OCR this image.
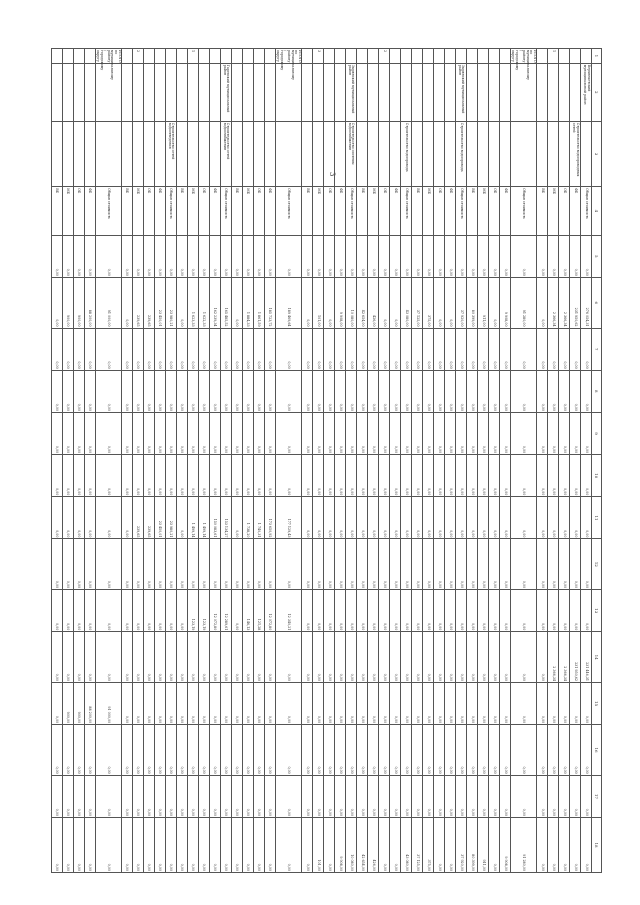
3
1	2	3	4	5	6	7	8	9	10	11	12	13	14	15	16	17	18
	Верхнекетский муниципальный район		Общая стоимость	0,00	276 054,31	0,00	0,00	0,00	0,00	0,00	0,00	0,00	231 446,31	0,00	0,00	0,00	0,00
		Строительство водопроводных сетей	ФБ	0,00	231 950,62	0,00	0,00	0,00	0,00	0,00	0,00	0,00	231 950,62	0,00	0,00	0,00	0,00
			ОБ	0,00	2 366,34	0,00	0,00	0,00	0,00	0,00	0,00	0,00	2 366,34	0,00	0,00	0,00	0,00
1			МБ	0,00	2 366,34	0,00	0,00	0,00	0,00	0,00	0,00	0,00	2 366,34	0,00	0,00	0,00	0,00
			ВБ	0,00	0,00	0,00	0,00	0,00	0,00	0,00	0,00	0,00	0,00	0,00	0,00	0,00	0,00
ИТОГО по муниципальному району / городскому округу			Общая стоимость	0,00	91 280,00	0,00	0,00	0,00	0,00	0,00	0,00	0,00	0,00	0,00	0,00	0,00	91 280,00
			ФБ	0,00	9 908,00	0,00	0,00	0,00	0,00	0,00	0,00	0,00	0,00	0,00	0,00	0,00	9 908,00
			ОБ	0,00	0,00	0,00	0,00	0,00	0,00	0,00	0,00	0,00	0,00	0,00	0,00	0,00	0,00
			МБ	0,00	911,00	0,00	0,00	0,00	0,00	0,00	0,00	0,00	0,00	0,00	0,00	0,00	911,00
			ВБ	0,00	80 399,00	0,00	0,00	0,00	0,00	0,00	0,00	0,00	0,00	0,00	0,00	0,00	80 399,00
	Зырянский муниципальный район	Строительство водопровода	Общая стоимость	0,00	37 920,00	0,00	0,00	0,00	0,00	0,00	0,00	0,00	0,00	0,00	0,00	0,00	37 920,00
			ФБ	0,00	0,00	0,00	0,00	0,00	0,00	0,00	0,00	0,00	0,00	0,00	0,00	0,00	0,00
			ОБ	0,00	0,00	0,00	0,00	0,00	0,00	0,00	0,00	0,00	0,00	0,00	0,00	0,00	0,00
			МБ	0,00	375,00	0,00	0,00	0,00	0,00	0,00	0,00	0,00	0,00	0,00	0,00	0,00	375,00
			ВБ	0,00	37 125,00	0,00	0,00	0,00	0,00	0,00	0,00	0,00	0,00	0,00	0,00	0,00	37 125,00
		Строительство водопровода	Общая стоимость	0,00	43 080,00	0,00	0,00	0,00	0,00	0,00	0,00	0,00	0,00	0,00	0,00	0,00	43 080,00
			ФБ	0,00	0,00	0,00	0,00	0,00	0,00	0,00	0,00	0,00	0,00	0,00	0,00	0,00	0,00
2			ОБ	0,00	0,00	0,00	0,00	0,00	0,00	0,00	0,00	0,00	0,00	0,00	0,00	0,00	0,00
			МБ	0,00	426,00	0,00	0,00	0,00	0,00	0,00	0,00	0,00	0,00	0,00	0,00	0,00	426,00
			ВБ	0,00	42 654,00	0,00	0,00	0,00	0,00	0,00	0,00	0,00	0,00	0,00	0,00	0,00	42 654,00
	Зырянский муниципальный район	Строительство системы водоснабжения	Общая стоимость	0,00	10 080,00	0,00	0,00	0,00	0,00	0,00	0,00	0,00	0,00	0,00	0,00	0,00	10 080,00
			ФБ	0,00	9 908,00	0,00	0,00	0,00	0,00	0,00	0,00	0,00	0,00	0,00	0,00	0,00	9 908,00
			ОБ	0,00	0,00	0,00	0,00	0,00	0,00	0,00	0,00	0,00	0,00	0,00	0,00	0,00	0,00
3			МБ	0,00	101,00	0,00	0,00	0,00	0,00	0,00	0,00	0,00	0,00	0,00	0,00	0,00	101,00
			ВБ	0,00	0,00	0,00	0,00	0,00	0,00	0,00	0,00	0,00	0,00	0,00	0,00	0,00	0,00
ИТОГО по муниципальному району / городскому округу			Общая стоимость	0,00	189 469,64	0,00	0,00	0,00	0,00	177 129,43	0,00	12 340,21	0,00	0,00	0,00	0,00	0,00
			ФБ	0,00	185 723,72	0,00	0,00	0,00	0,00	173 650,92	0,00	12 072,80	0,00	0,00	0,00	0,00	0,00
			ОБ	0,00	1 861,59	0,00	0,00	0,00	0,00	1 740,31	0,00	121,28	0,00	0,00	0,00	0,00	0,00
			МБ	0,00	1 884,33	0,00	0,00	0,00	0,00	1 738,20	0,00	146,13	0,00	0,00	0,00	0,00	0,00
			ВБ	0,00	0,00	0,00	0,00	0,00	0,00	0,00	0,00	0,00	0,00	0,00	0,00	0,00	0,00
	Гаревский муниципальный район	Строительство сетей водоснабжения	Общая стоимость	0,00	165 485,52	0,00	0,00	0,00	0,00	153 134,27	0,00	12 289,61	0,00	0,00	0,00	0,00	0,00
			ФБ	0,00	162 239,34	0,00	0,00	0,00	0,00	150 083,61	0,00	12 072,80	0,00	0,00	0,00	0,00	0,00
			ОБ	0,00	1 622,33	0,00	0,00	0,00	0,00	1 499,14	0,00	123,19	0,00	0,00	0,00	0,00	0,00
1			МБ	0,00	1 623,33	0,00	0,00	0,00	0,00	1 499,14	0,00	123,19	0,00	0,00	0,00	0,00	0,00
			ВБ	0,00	0,00	0,00	0,00	0,00	0,00	0,00	0,00	0,00	0,00	0,00	0,00	0,00	0,00
		Строительство сетей водоотведения	Общая стоимость	0,00	23 980,21	0,00	0,00	0,00	0,00	23 980,21	0,00	0,00	0,00	0,00	0,00	0,00	0,00
			ФБ	0,00	23 450,01	0,00	0,00	0,00	0,00	23 450,01	0,00	0,00	0,00	0,00	0,00	0,00	0,00
			ОБ	0,00	239,65	0,00	0,00	0,00	0,00	239,65	0,00	0,00	0,00	0,00	0,00	0,00	0,00
2			МБ	0,00	239,65	0,00	0,00	0,00	0,00	239,65	0,00	0,00	0,00	0,00	0,00	0,00	0,00
			ВБ	0,00	0,00	0,00	0,00	0,00	0,00	0,00	0,00	0,00	0,00	0,00	0,00	0,00	0,00
ИТОГО по муниципальному району / городскому округу			Общая стоимость	0,00	91 000,00	0,00	0,00	0,00	0,00	0,00	0,00	0,00	0,00	91 000,00	0,00	0,00	0,00
			ФБ	0,00	88 200,00	0,00	0,00	0,00	0,00	0,00	0,00	0,00	0,00	88 200,00	0,00	0,00	0,00
			ОБ	0,00	900,00	0,00	0,00	0,00	0,00	0,00	0,00	0,00	0,00	900,00	0,00	0,00	0,00
			МБ	0,00	900,00	0,00	0,00	0,00	0,00	0,00	0,00	0,00	0,00	900,00	0,00	0,00	0,00
			ВБ	0,00	0,00	0,00	0,00	0,00	0,00	0,00	0,00	0,00	0,00	0,00	0,00	0,00	0,00
